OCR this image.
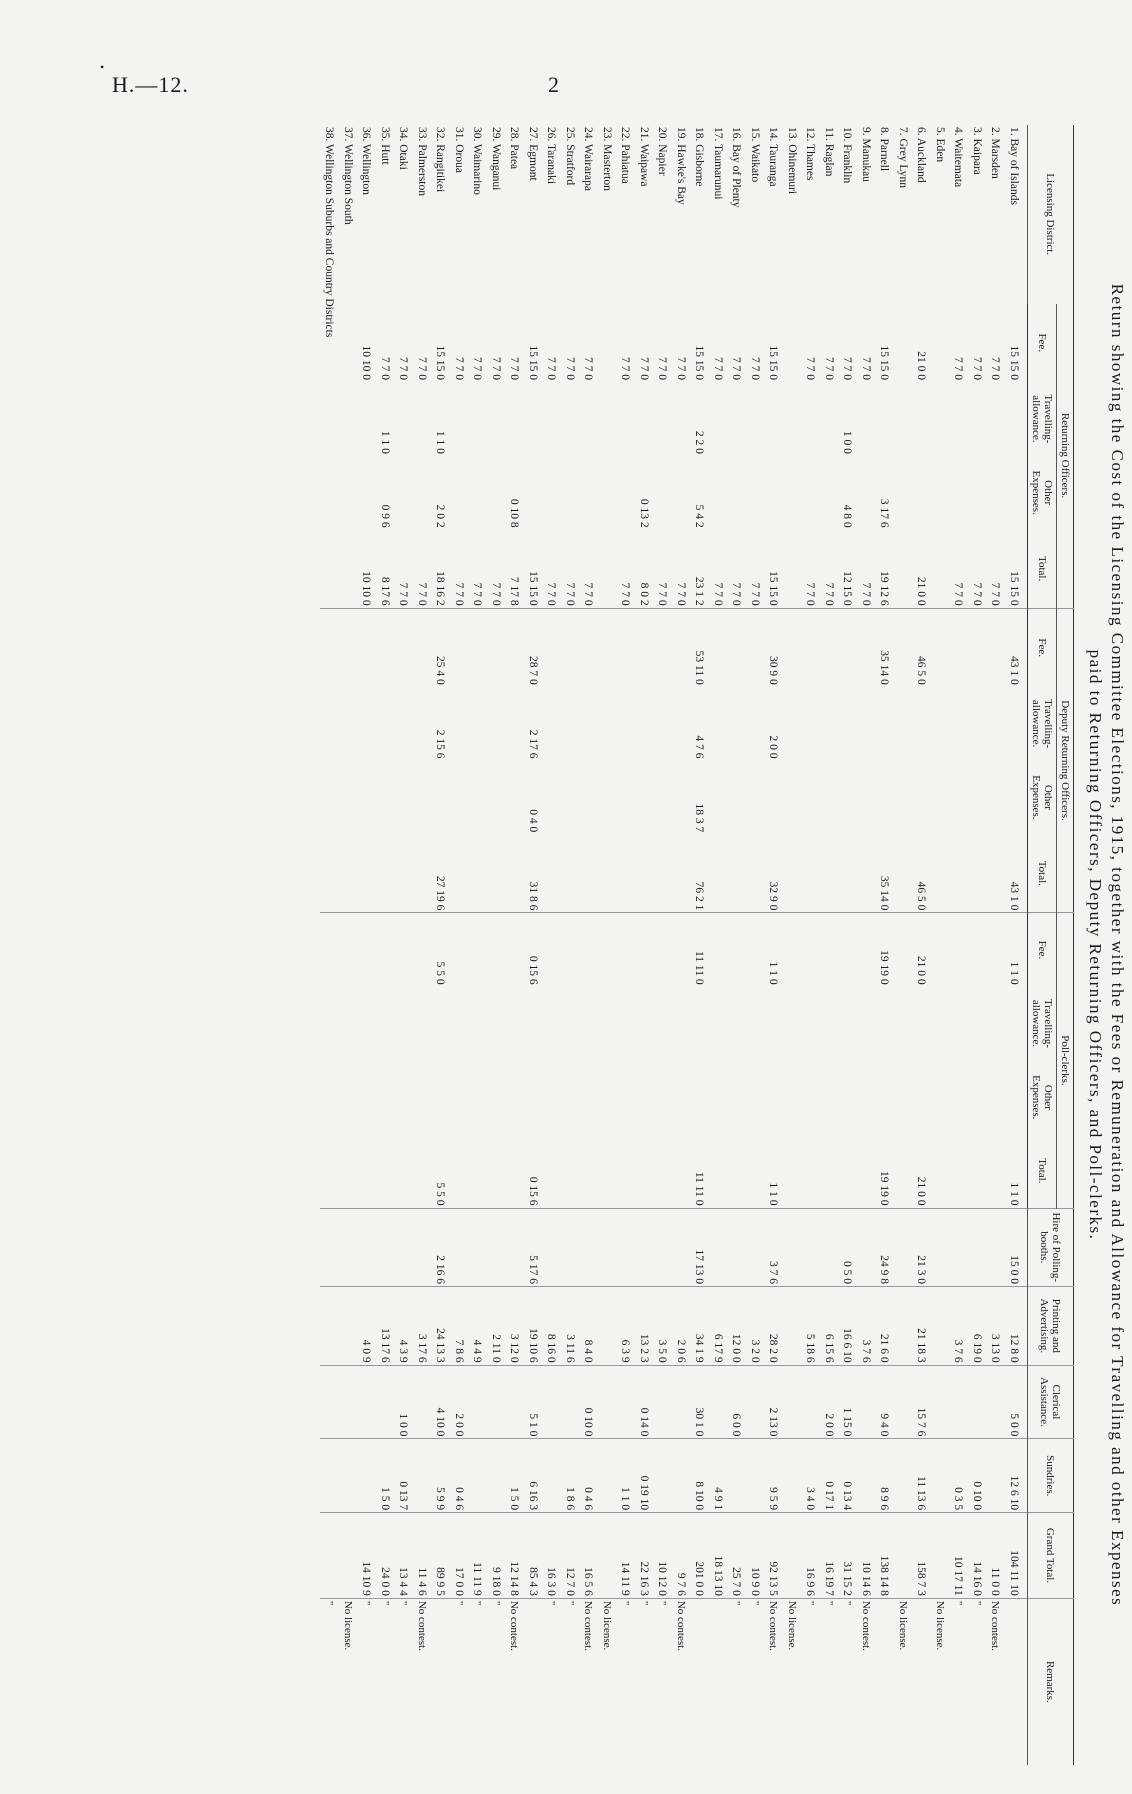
•
H.—12.	2
Return showing the Cost of the Licensing Committee Elections, 1915, together with the Fees or Remuneration and Allowance for Travelling and other Expenses
paid to Returning Officers, Deputy Returning Officers, and Poll-clerks.
Licensing District.	Returning Officers.				Deputy Returning Officers.				Poll-clerks.				Hire of Polling-booths.	Printing and Advertising.	Clerical Assistance.	Sundries.	Grand Total.	Remarks.
	Fee.	Travelling-allowance.	Other Expenses.	Total.	Fee.	Travelling-allowance.	Other Expenses.	Total.	Fee.	Travelling-allowance.	Other Expenses.	Total.						
1. Bay of Islands	15 15 0			15 15 0	43 1 0			43 1 0	1 1 0			1 1 0	15 0 0	12 8 0	5 0 0	12 6 10	104 11 10	
2. Marsden	7 7 0			7 7 0										3 13 0			11 0 0	No contest.
3. Kaipara	7 7 0			7 7 0										6 19 0		0 10 0	14 16 0	"
4. Waitemata	7 7 0			7 7 0										3 7 6		0 3 5	10 17 11	"
5. Eden																		No license.
6. Auckland	21 0 0			21 0 0	46 5 0			46 5 0	21 0 0			21 0 0	21 3 0	21 18 3	15 7 6	11 13 6	158 7 3	
7. Grey Lynn																		No license.
8. Parnell	15 15 0		3 17 6	19 12 6	35 14 0			35 14 0	19 19 0			19 19 0	24 9 8	21 6 0	9 4 0	8 9 6	138 14 8	
9. Manukau	7 7 0			7 7 0										3 7 6			10 14 6	No contest.
10. Franklin	7 7 0	1 0 0	4 8 0	12 15 0									0 5 0	16 6 10	1 15 0	0 13 4	31 15 2	"
11. Raglan	7 7 0			7 7 0										6 15 6	2 0 0	0 17 1	16 19 7	"
12. Thames	7 7 0			7 7 0										5 18 6		3 4 0	16 9 6	"
13. Ohinemuri																		No license.
14. Tauranga	15 15 0			15 15 0	30 9 0	2 0 0		32 9 0	1 1 0			1 1 0	3 7 6	28 2 0	2 13 0	9 5 9	92 13 5	No contest.
15. Waikato	7 7 0			7 7 0										3 2 0			10 9 0	"
16. Bay of Plenty	7 7 0			7 7 0										12 0 0	6 0 0		25 7 0	"
17. Taumarunui	7 7 0			7 7 0										6 17 9		4 9 1	18 13 10	
18. Gisborne	15 15 0	2 2 0	5 4 2	23 1 2	53 11 0	4 7 6	18 3 7	76 2 1	11 11 0			11 11 0	17 13 0	34 1 9	30 1 0	8 10 0	201 0 0	
19. Hawke's Bay	7 7 0			7 7 0										2 0 6			9 7 6	No contest.
20. Napier	7 7 0			7 7 0										3 5 0			10 12 0	"
21. Waipawa	7 7 0		0 13 2	8 0 2										13 2 3	0 14 0	0 19 10	22 16 3	"
22. Pahiatua	7 7 0			7 7 0										6 3 9		1 1 0	14 11 9	"
23. Masterton																		No license.
24. Wairarapa	7 7 0			7 7 0										8 4 0	0 10 0	0 4 6	16 5 6	No contest.
25. Stratford	7 7 0			7 7 0										3 11 6		1 8 6	12 7 0	"
26. Taranaki	7 7 0			7 7 0										8 16 0			16 3 0	"
27. Egmont	15 15 0			15 15 0	28 7 0	2 17 6	0 4 0	31 8 6	0 15 6			0 15 6	5 17 6	19 10 6	5 1 0	6 16 3	85 4 3	
28. Patea	7 7 0		0 10 8	7 17 8										3 12 0		1 5 0	12 14 8	No contest.
29. Wanganui	7 7 0			7 7 0										2 11 0			9 18 0	"
30. Waimarino	7 7 0			7 7 0										4 4 9			11 11 9	"
31. Oroua	7 7 0			7 7 0										7 8 6	2 0 0	0 4 6	17 0 0	"
32. Rangitikei	15 15 0	1 1 0	2 0 2	18 16 2	25 4 0	2 15 6		27 19 6	5 5 0			5 5 0	2 16 6	24 13 3	4 10 0	5 9 9	89 9 5	
33. Palmerston	7 7 0			7 7 0										3 17 6			11 4 6	No contest.
34. Otaki	7 7 0			7 7 0										4 3 9	1 0 0	0 13 7	13 4 4	"
35. Hutt	7 7 0	1 1 0	0 9 6	8 17 6										13 17 6		1 5 0	24 0 0	"
36. Wellington	10 10 0			10 10 0										4 0 9			14 10 9	"
37. Wellington South																		No license.
38. Wellington Suburbs and Country Districts																		"
